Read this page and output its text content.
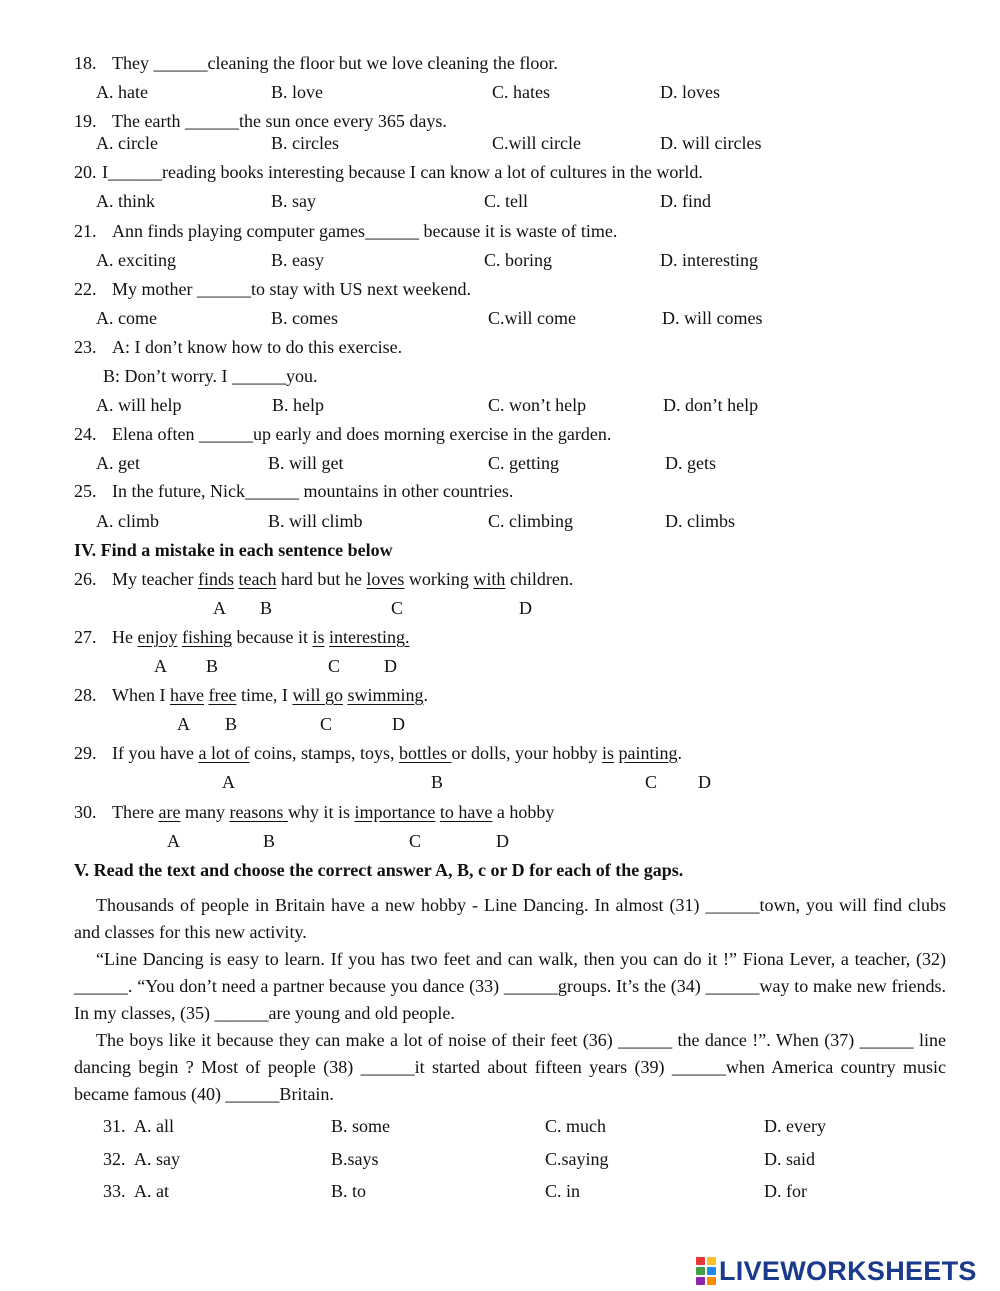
18. They ______cleaning the floor but we love cleaning the floor.
A. hate	B. love	C. hates	D. loves
19. The earth ______the sun once every 365 days.
A. circle	B. circles	C.will circle	D. will circles
20. I______reading books interesting because I can know a lot of cultures in the world.
A. think	B. say	C. tell	D. find
21. Ann finds playing computer games______ because it is waste of time.
A. exciting	B. easy	C. boring	D. interesting
22. My mother ______to stay with US next weekend.
A. come	B. comes	C.will come	D. will comes
23. A: I don’t know how to do this exercise.
B: Don’t worry. I ______you.
A. will help	B. help	C. won’t help	D. don’t help
24. Elena often ______up early and does morning exercise in the garden.
A. get	B. will get	C. getting	D. gets
25. In the future, Nick______ mountains in other countries.
A. climb	B. will climb	C. climbing	D. climbs
IV. Find a mistake in each sentence below
26. My teacher finds teach hard but he loves working with children.
A B	C	D
27. He enjoy fishing because it is interesting.
A B	C D
28. When I have free time, I will go swimming.
A B	C	D
29. If you have a lot of coins, stamps, toys, bottles or dolls, your hobby is painting.
A	B	C D
30. There are many reasons why it is importance to have a hobby
A	B	C	D
V. Read the text and choose the correct answer A, B, c or D for each of the gaps.
Thousands of people in Britain have a new hobby - Line Dancing. In almost (31) ______town, you will find clubs and classes for this new activity.
“Line Dancing is easy to learn. If you has two feet and can walk, then you can do it !” Fiona Lever, a teacher, (32) ______. “You don’t need a partner because you dance (33) ______groups. It’s the (34) ______way to make new friends. In my classes, (35) ______are young and old people.
The boys like it because they can make a lot of noise of their feet (36) ______ the dance !”. When (37) ______ line dancing begin ? Most of people (38) ______it started about fifteen years (39) ______when America country music became famous (40) ______Britain.
31. A. all	B. some	C. much	D. every
32. A. say	B.says	C.saying	D. said
33. A. at	B. to	C. in	D. for
LIVEWORKSHEETS
